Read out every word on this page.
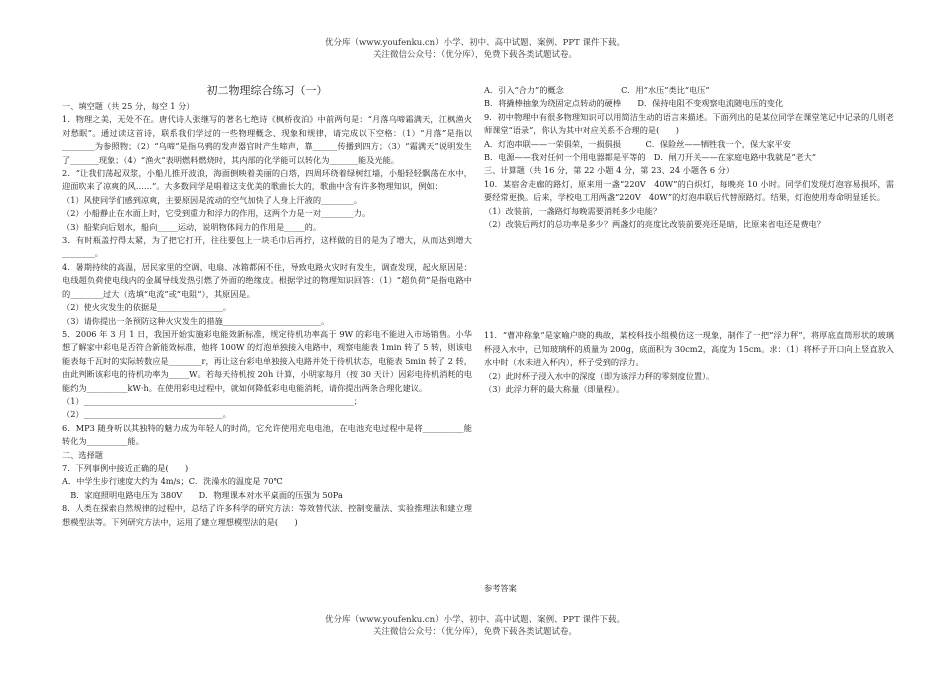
优分库（www.youfenku.cn）小学、初中、高中试题、案例、PPT 课件下载。
关注微信公众号：（优分库），免费下载各类试题试卷。
初二物理综合练习（一）

一、填空题（共 25 分，每空 1 分）

1．物理之美，无处不在。唐代诗人张继写的著名七绝诗《枫桥夜泊》中前两句是：“月落乌啼霜满天，江枫渔火对愁眠”。通过读这首诗，联系我们学过的一些物理概念、现象和规律，请完成以下空格：（1）“月落”是指以________为参照物；（2）“乌啼”是指乌鸦的发声器官时产生啼声，靠______传播到四方；（3）“霜满天”说明发生了_______现象；（4）“渔火”表明燃料燃烧时，其内部的化学能可以转化为_______能及光能。

2．“让我们荡起双浆，小船儿推开波浪，海面倒映着美丽的白塔，四周环绕着绿树红墙，小船轻轻飘荡在水中，迎面吹来了凉爽的风……”。大多数同学是唱着这支优美的歌曲长大的，歌曲中含有许多物理知识，例如：

（1）风使同学们感到凉爽，主要原因是流动的空气加快了人身上汗液的________。

（2）小船静止在水面上时，它受到重力和浮力的作用，这两个力是一对________力。

（3）船桨向后划水，船向_____运动，说明物体间力的作用是_____的。

3．有时瓶盖拧得太紧，为了把它打开，往往要包上一块毛巾后再拧，这样做的目的是为了增大，从而达到增大________。

4．暑期持续的高温，居民家里的空调、电扇、冰箱都闲不住，导致电路火灾时有发生，调查发现，起火原因是：电线超负荷使电线内的金属导线发热引燃了外面的绝缘皮。根据学过的物理知识回答：（1）“超负荷”是指电路中的________过大（选填“电流”或“电阻”），其原因是。

（2）使火灾发生的依据是________________。

（3）请你提出一条预防这种火灾发生的措施________________________。

5．2006 年 3 月 1 日，我国开始实施彩电能效新标准，规定待机功率高于 9W 的彩电不能进入市场销售。小华想了解家中彩电是否符合新能效标准，他将 100W 的灯泡单独接入电路中，观察电能表 1min 转了 5 转，则该电能表每千瓦时的实际转数应是________r，再让这台彩电单独接入电路并处于待机状态，电能表 5min 转了 2 转，由此判断该彩电的待机功率为_____W。若每天待机按 20h 计算，小明家每月（按 30 天计）因彩电待机消耗的电能约为__________kW·h。在使用彩电过程中，就如何降低彩电电能消耗，请你提出两条合理化建议。

（1）__________________________________________________________________；

（2）__________________________________。

6．MP3 随身听以其独特的魅力成为年轻人的时尚，它允许使用充电电池，在电池充电过程中是将__________能转化为__________能。

二、选择题

7．下列事例中接近正确的是(　　)

A．中学生步行速度大约为 4m/s；C．洗澡水的温度是 70℃

　B．家庭照明电路电压为 380V　　D．物理课本对水平桌面的压强为 50Pa

8．人类在探索自然规律的过程中，总结了许多科学的研究方法：等效替代法、控制变量法、实验推理法和建立理想模型法等。下列研究方法中，运用了建立理想模型法的是(　　)

A．引入“合力”的概念　　　　　　　C．用“水压”类比“电压”

B．将撬棒抽象为绕固定点转动的硬棒　　D．保持电阻不变观察电流随电压的变化

9．初中物理中有很多物理知识可以用简洁生动的语言来描述。下面列出的是某位同学在课堂笔记中记录的几则老师课堂“语录”，你认为其中对应关系不合理的是(　　)

A．灯泡串联——一荣俱荣，一损俱损　　　C．保险丝——牺牲我一个，保大家平安

B．电源——我对任何一个用电器都是平等的　D．闸刀开关——在家庭电路中我就是“老大”

三、计算题（共 16 分，第 22 小题 4 分，第 23、24 小题各 6 分）

10．某宿舍走廊的路灯，原来用一盏“220V　40W”的白炽灯，每晚亮 10 小时。同学们发现灯泡容易损坏，需要经常更换。后来，学校电工用两盏“220V　40W”的灯泡串联后代替原路灯。结果，灯泡使用寿命明显延长。

（1）改装前，一盏路灯每晚需要消耗多少电能？

（2）改装后两灯的总功率是多少？两盏灯的亮度比改装前要亮还是暗，比原来省电还是费电？

11．“曹冲称象”是家喻户晓的典故，某校科技小组模仿这一现象，制作了一把“浮力秤”，将厚底直筒形状的玻璃杯浸入水中，已知玻璃杯的质量为 200g，底面积为 30cm2，高度为 15cm。求：（1）将杯子开口向上竖直放入水中时（水未进入杯内），杯子受到的浮力。

（2）此时杯子浸入水中的深度（即为该浮力秤的零刻度位置）。

（3）此浮力秤的最大称量（即量程）。

参考答案
优分库（www.youfenku.cn）小学、初中、高中试题、案例、PPT 课件下载。
关注微信公众号：（优分库），免费下载各类试题试卷。
